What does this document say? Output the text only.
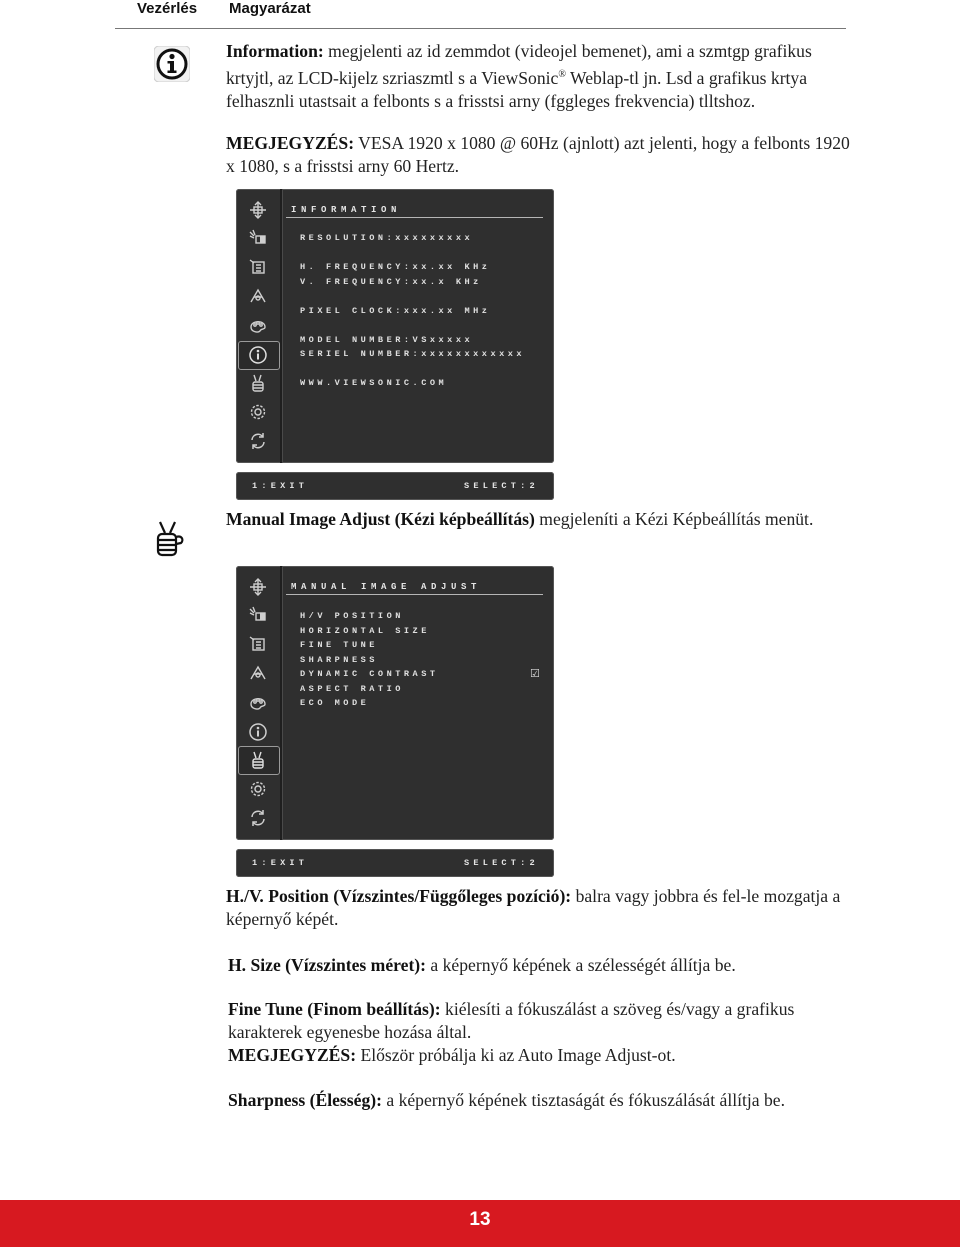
Vezérlés Magyarázat

Information: megjelenti az id zemmdot (videojel bemenet), ami a szmtgp grafikus krtyjtl, az LCD-kijelz szriaszmtl s a ViewSonic® Weblap-tl jn. Lsd a grafikus krtya felhasznli utastsait a felbonts s a frisstsi arny (fggleges frekvencia) tlltshoz.

MEGJEGYZÉS: VESA 1920 x 1080 @ 60Hz (ajnlott) azt jelenti, hogy a felbonts 1920 x 1080, s a frisstsi arny 60 Hertz.

INFORMATION
RESOLUTION:xxxxxxxxx
H. FREQUENCY:xx.xx KHz
V. FREQUENCY:xx.x KHz
PIXEL CLOCK:xxx.xx MHz
MODEL NUMBER:VSxxxxx
SERIEL NUMBER:xxxxxxxxxxxx
WWW.VIEWSONIC.COM
1:EXIT	SELECT:2

Manual Image Adjust (Kézi képbeállítás) megjeleníti a Kézi Képbeállítás menüt.

MANUAL IMAGE ADJUST
H/V POSITION
HORIZONTAL SIZE
FINE TUNE
SHARPNESS
DYNAMIC CONTRAST	☑
ASPECT RATIO
ECO MODE
1:EXIT	SELECT:2

H./V. Position (Vízszintes/Függőleges pozíció): balra vagy jobbra és fel-le mozgatja a képernyő képét.

H. Size (Vízszintes méret): a képernyő képének a szélességét állítja be.

Fine Tune (Finom beállítás): kiélesíti a fókuszálást a szöveg és/vagy a grafikus karakterek egyenesbe hozása által.

MEGJEGYZÉS: Először próbálja ki az Auto Image Adjust-ot.

Sharpness (Élesség): a képernyő képének tisztaságát és fókuszálását állítja be.

13
